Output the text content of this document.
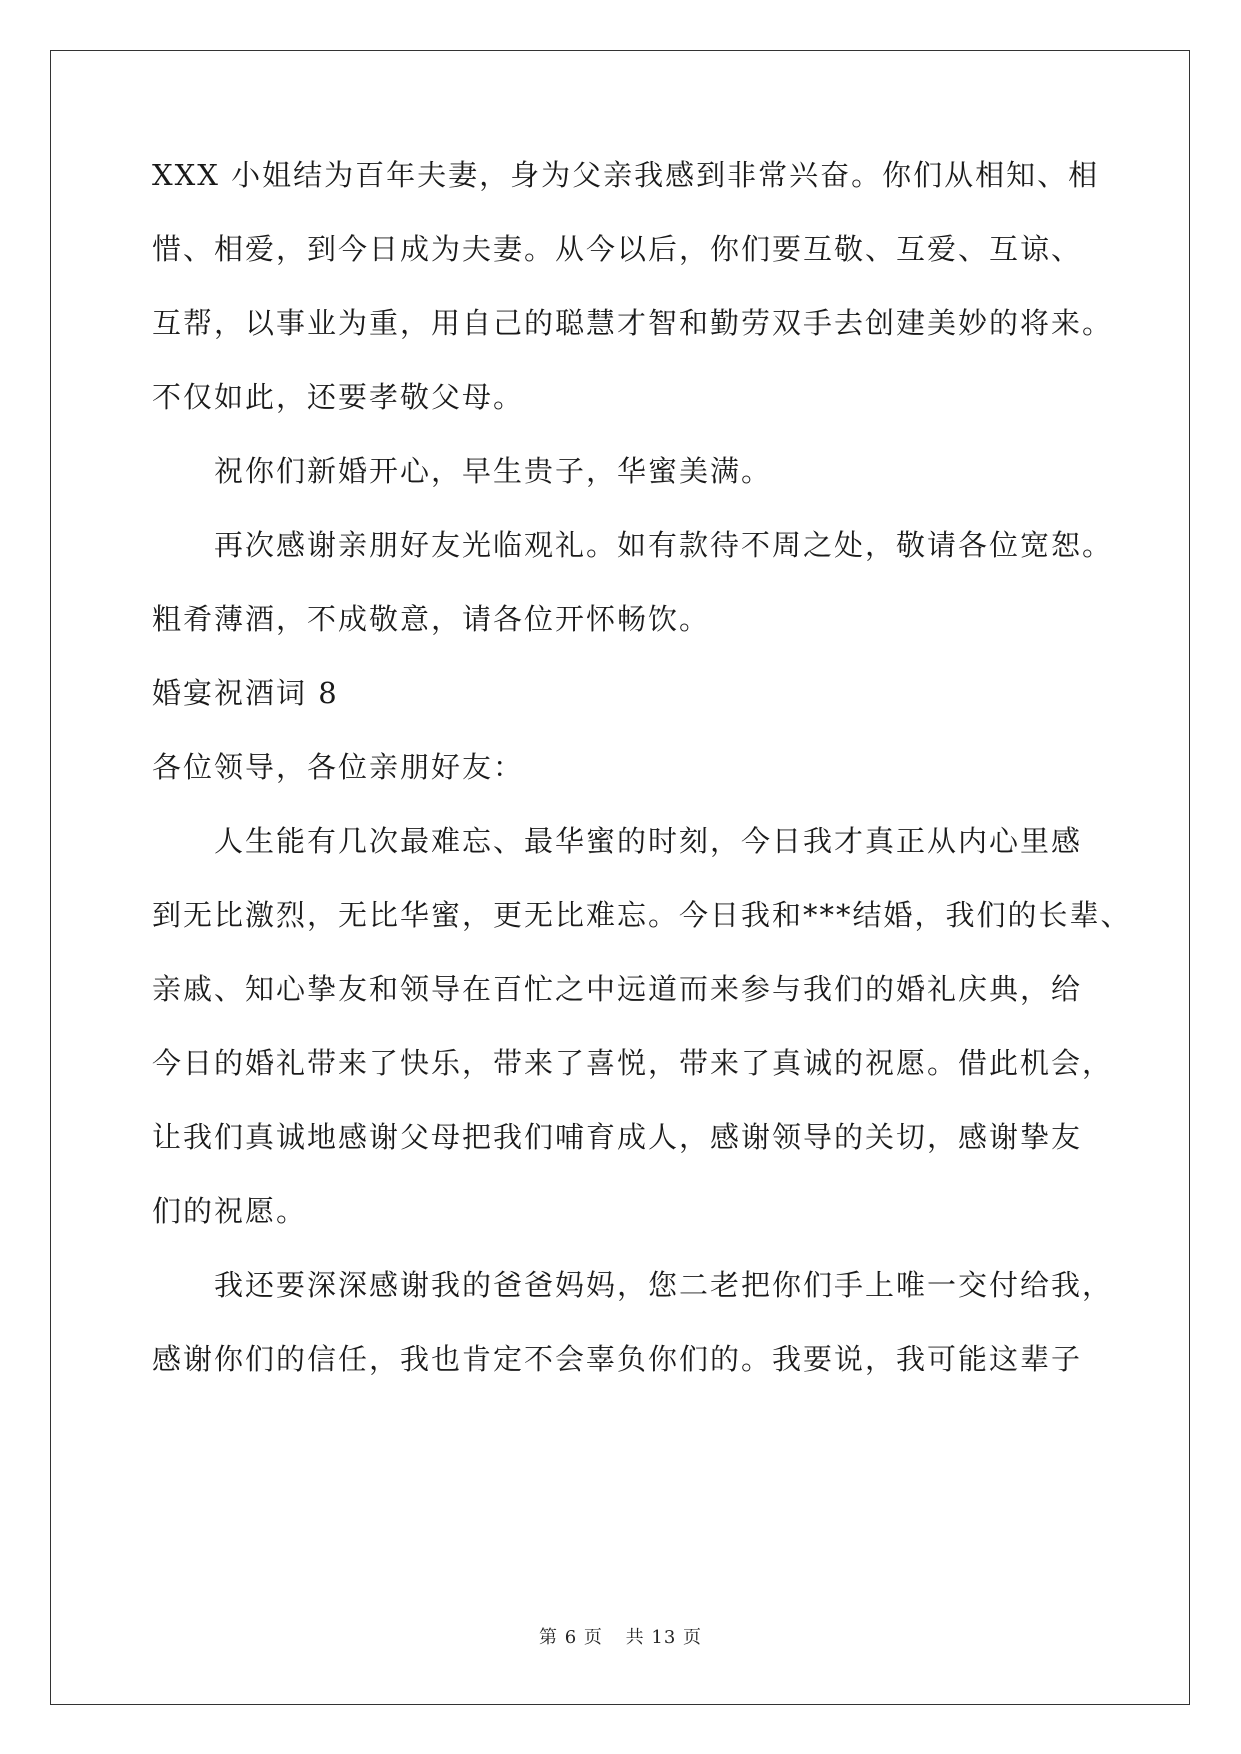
XXX 小姐结为百年夫妻，身为父亲我感到非常兴奋。你们从相知、相
惜、相爱，到今日成为夫妻。从今以后，你们要互敬、互爱、互谅、
互帮，以事业为重，用自己的聪慧才智和勤劳双手去创建美妙的将来。
不仅如此，还要孝敬父母。
祝你们新婚开心，早生贵子，华蜜美满。
再次感谢亲朋好友光临观礼。如有款待不周之处，敬请各位宽恕。
粗肴薄酒，不成敬意，请各位开怀畅饮。
婚宴祝酒词 8
各位领导，各位亲朋好友：
人生能有几次最难忘、最华蜜的时刻，今日我才真正从内心里感
到无比激烈，无比华蜜，更无比难忘。今日我和***结婚，我们的长辈、
亲戚、知心挚友和领导在百忙之中远道而来参与我们的婚礼庆典，给
今日的婚礼带来了快乐，带来了喜悦，带来了真诚的祝愿。借此机会，
让我们真诚地感谢父母把我们哺育成人，感谢领导的关切，感谢挚友
们的祝愿。
我还要深深感谢我的爸爸妈妈，您二老把你们手上唯一交付给我，
感谢你们的信任，我也肯定不会辜负你们的。我要说，我可能这辈子
第 6 页 共 13 页
